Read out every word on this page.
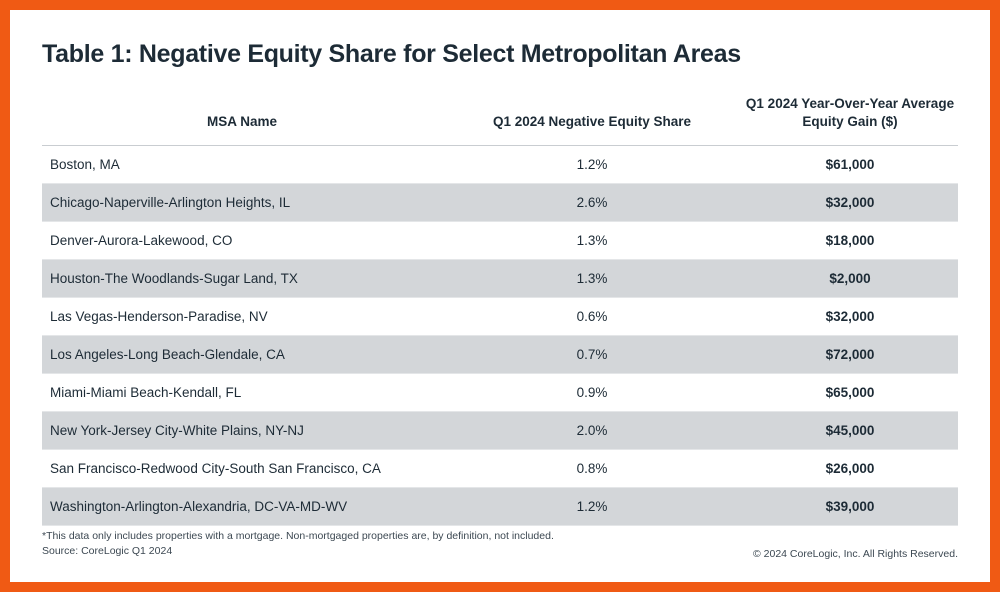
Table 1: Negative Equity Share for Select Metropolitan Areas
MSA Name	Q1 2024 Negative Equity Share	Q1 2024 Year-Over-Year Average Equity Gain ($)
Boston, MA	1.2%	$61,000
Chicago-Naperville-Arlington Heights, IL	2.6%	$32,000
Denver-Aurora-Lakewood, CO	1.3%	$18,000
Houston-The Woodlands-Sugar Land, TX	1.3%	$2,000
Las Vegas-Henderson-Paradise, NV	0.6%	$32,000
Los Angeles-Long Beach-Glendale, CA	0.7%	$72,000
Miami-Miami Beach-Kendall, FL	0.9%	$65,000
New York-Jersey City-White Plains, NY-NJ	2.0%	$45,000
San Francisco-Redwood City-South San Francisco, CA	0.8%	$26,000
Washington-Arlington-Alexandria, DC-VA-MD-WV	1.2%	$39,000
*This data only includes properties with a mortgage. Non-mortgaged properties are, by definition, not included.
Source: CoreLogic Q1 2024	© 2024 CoreLogic, Inc. All Rights Reserved.
